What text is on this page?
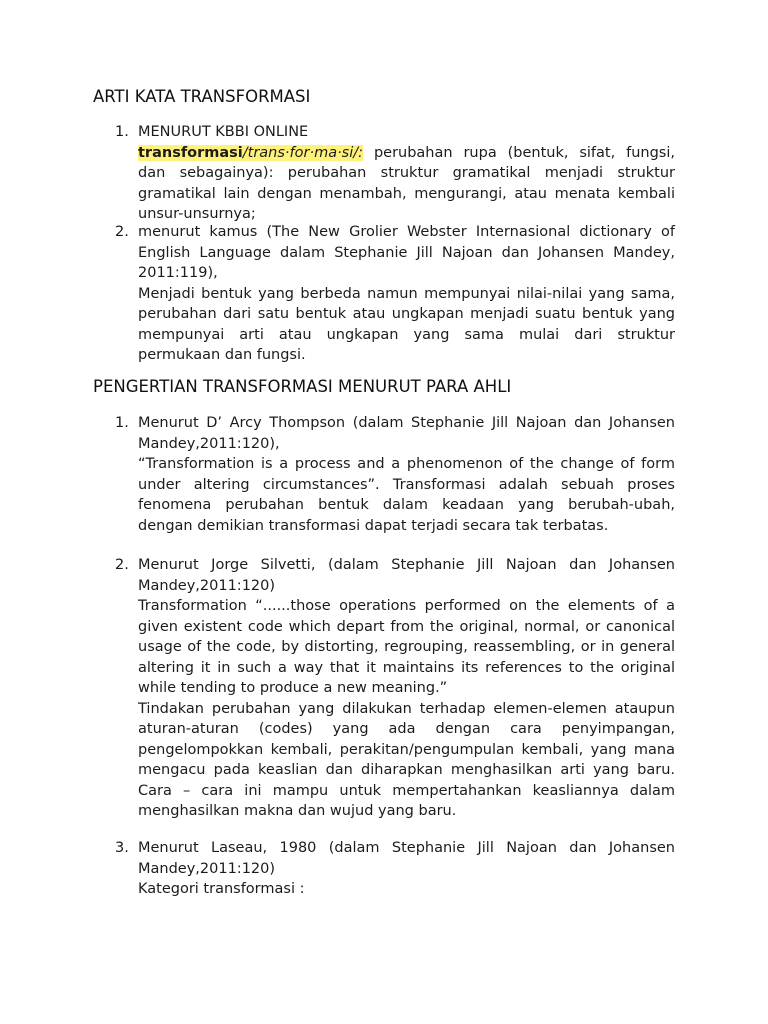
ARTI KATA TRANSFORMASI
1. MENURUT KBBI ONLINE

transformasi/trans·for·ma·si/: perubahan rupa (bentuk, sifat, fungsi, dan sebagainya): perubahan struktur gramatikal menjadi struktur gramatikal lain dengan menambah, mengurangi, atau menata kembali unsur-unsurnya;

2. menurut kamus (The New Grolier Webster Internasional dictionary of English Language dalam Stephanie Jill Najoan dan Johansen Mandey, 2011:119),

Menjadi bentuk yang berbeda namun mempunyai nilai-nilai yang sama, perubahan dari satu bentuk atau ungkapan menjadi suatu bentuk yang mempunyai arti atau ungkapan yang sama mulai dari struktur permukaan dan fungsi.

PENGERTIAN TRANSFORMASI MENURUT PARA AHLI
1. Menurut D’ Arcy Thompson (dalam Stephanie Jill Najoan dan Johansen Mandey,2011:120),

“Transformation is a process and a phenomenon of the change of form under altering circumstances”. Transformasi adalah sebuah proses fenomena perubahan bentuk dalam keadaan yang berubah-ubah, dengan demikian transformasi dapat terjadi secara tak terbatas.

2. Menurut Jorge Silvetti, (dalam Stephanie Jill Najoan dan Johansen Mandey,2011:120)

Transformation “......those operations performed on the elements of a given existent code which depart from the original, normal, or canonical usage of the code, by distorting, regrouping, reassembling, or in general altering it in such a way that it maintains its references to the original while tending to produce a new meaning.”

Tindakan perubahan yang dilakukan terhadap elemen-elemen ataupun aturan-aturan (codes) yang ada dengan cara penyimpangan, pengelompokkan kembali, perakitan/pengumpulan kembali, yang mana mengacu pada keaslian dan diharapkan menghasilkan arti yang baru. Cara – cara ini mampu untuk mempertahankan keasliannya dalam menghasilkan makna dan wujud yang baru.

3. Menurut Laseau, 1980 (dalam Stephanie Jill Najoan dan Johansen Mandey,2011:120)

Kategori transformasi :
